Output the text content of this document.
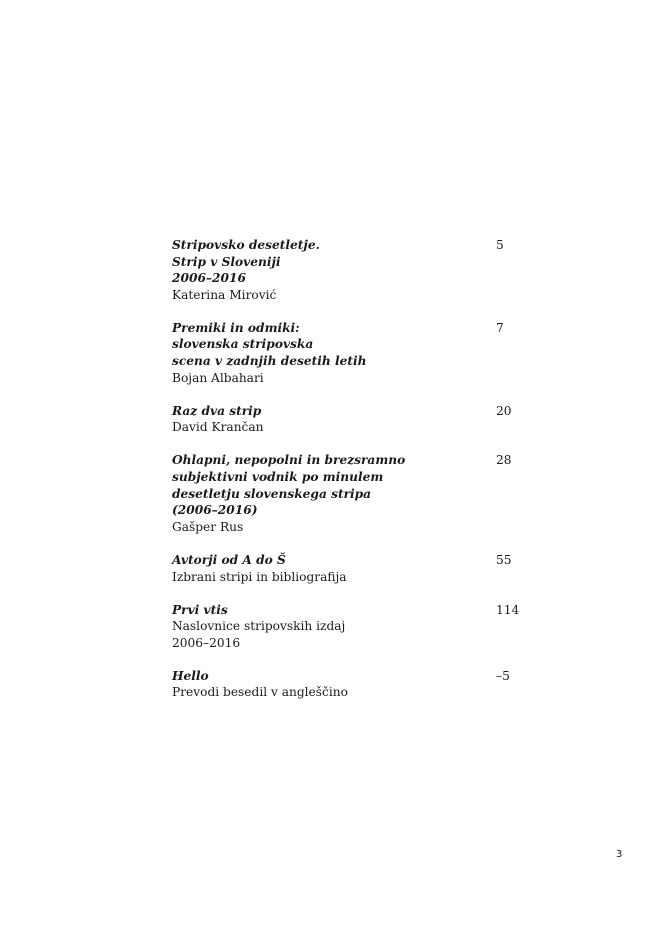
Stripovsko desetletje.
Strip v Sloveniji
2006–2016
Katerina Mirović
5
Premiki in odmiki:
slovenska stripovska
scena v zadnjih desetih letih
Bojan Albahari
7
Raz dva strip
David Krančan
20
Ohlapni, nepopolni in brezsramno
subjektivni vodnik po minulem
desetletju slovenskega stripa
(2006–2016)
Gašper Rus
28
Avtorji od A do Š
Izbrani stripi in bibliografija
55
Prvi vtis
Naslovnice stripovskih izdaj
2006–2016
114
Hello
Prevodi besedil v angleščino
–5
3
